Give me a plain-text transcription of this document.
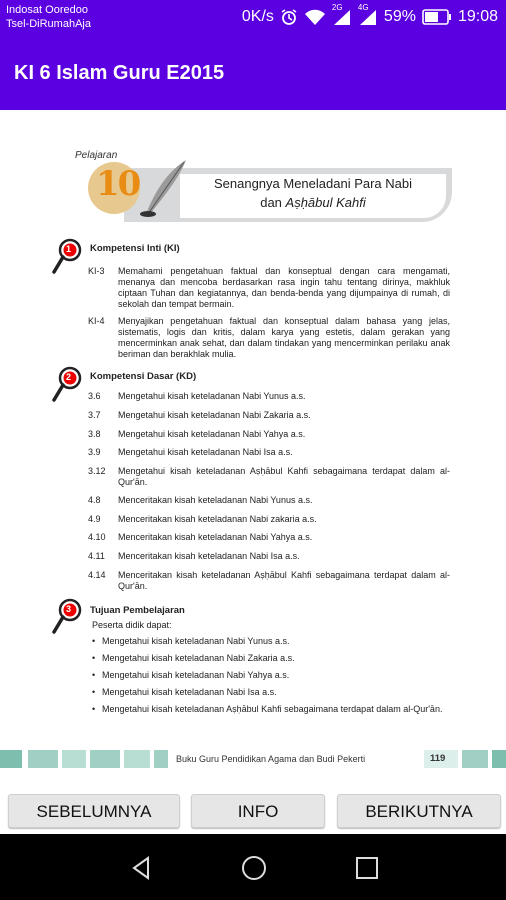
Indosat Ooredoo
Tsel-DiRumahAja	0K/s
2G 4G
59%	19:08
KI 6 Islam Guru E2015
Pelajaran
10	Senangnya Meneladani Para Nabi
dan Aṣḥābul Kahfi
1 Kompetensi Inti (KI)
KI-3	Memahami pengetahuan faktual dan konseptual dengan cara mengamati, menanya dan mencoba berdasarkan rasa ingin tahu tentang dirinya, makhluk ciptaan Tuhan dan kegiatannya, dan benda-benda yang dijumpainya di rumah, di sekolah dan tempat bermain.
KI-4	Menyajikan pengetahuan faktual dan konseptual dalam bahasa yang jelas, sistematis, logis dan kritis, dalam karya yang estetis, dalam gerakan yang mencerminkan anak sehat, dan dalam tindakan yang mencerminkan perilaku anak beriman dan berakhlak mulia.
2 Kompetensi Dasar (KD)
3.6	Mengetahui kisah keteladanan Nabi Yunus a.s.
3.7	Mengetahui kisah keteladanan Nabi Zakaria a.s.
3.8	Mengetahui kisah keteladanan Nabi Yahya a.s.
3.9	Mengetahui kisah keteladanan Nabi Isa a.s.
3.12	Mengetahui kisah keteladanan Aṣḥābul Kahfi sebagaimana terdapat dalam al-Qur'ān.
4.8	Menceritakan kisah keteladanan Nabi Yunus a.s.
4.9	Menceritakan kisah keteladanan Nabi zakaria a.s.
4.10	Menceritakan kisah keteladanan Nabi Yahya a.s.
4.11	Menceritakan kisah keteladanan Nabi Isa a.s.
4.14	Menceritakan kisah keteladanan Aṣḥābul Kahfi sebagaimana terdapat dalam al-Qur'ān.
3 Tujuan Pembelajaran
Peserta didik dapat:
• Mengetahui kisah keteladanan Nabi Yunus a.s.
• Mengetahui kisah keteladanan Nabi Zakaria a.s.
• Mengetahui kisah keteladanan Nabi Yahya a.s.
• Mengetahui kisah keteladanan Nabi Isa a.s.
• Mengetahui kisah keteladanan Aṣḥābul Kahfi sebagaimana terdapat dalam al-Qur'ān.
Buku Guru Pendidikan Agama dan Budi Pekerti	119
SEBELUMNYA	INFO	BERIKUTNYA
